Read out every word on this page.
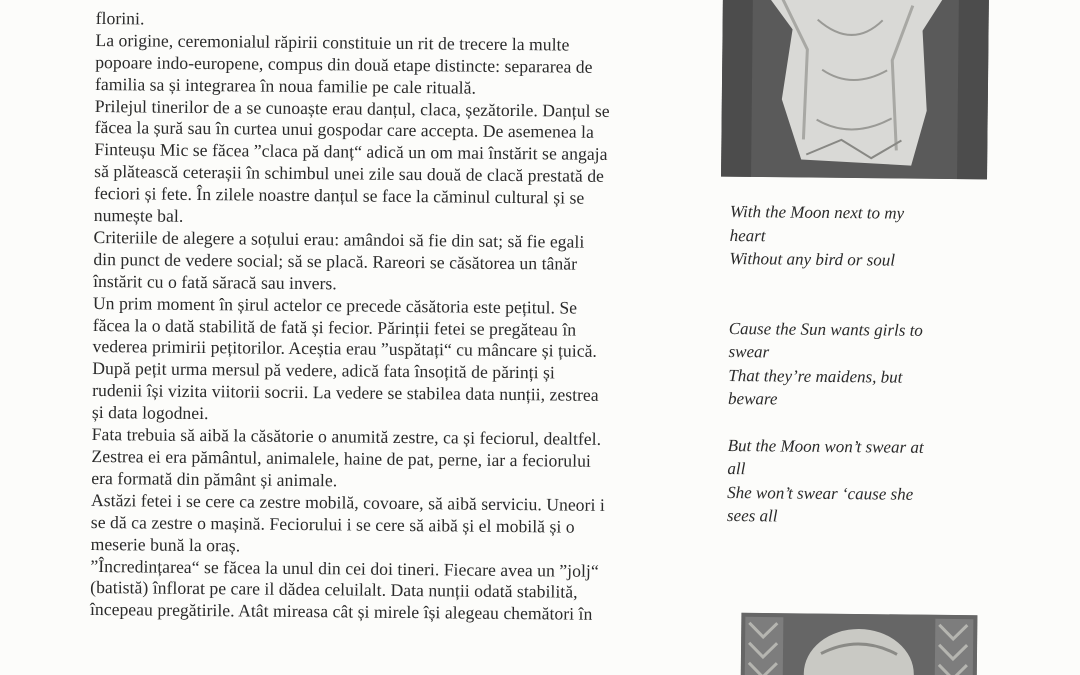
florini.
La origine, ceremonialul răpirii constituie un rit de trecere la multe
popoare indo-europene, compus din două etape distincte: separarea de
familia sa și integrarea în noua familie pe cale rituală.
Prilejul tinerilor de a se cunoaște erau danțul, claca, șezătorile. Danțul se
făcea la șură sau în curtea unui gospodar care accepta. De asemenea la
Finteușu Mic se făcea ”claca pă danț“ adică un om mai înstărit se angaja
să plătească ceterașii în schimbul unei zile sau două de clacă prestată de
feciori și fete. În zilele noastre danțul se face la căminul cultural și se
numește bal.
Criteriile de alegere a soțului erau: amândoi să fie din sat; să fie egali
din punct de vedere social; să se placă. Rareori se căsătorea un tânăr
înstărit cu o fată săracă sau invers.
Un prim moment în șirul actelor ce precede căsătoria este pețitul. Se
făcea la o dată stabilită de fată și fecior. Părinții fetei se pregăteau în
vederea primirii pețitorilor. Aceștia erau ”uspătați“ cu mâncare și țuică.
După pețit urma mersul pă vedere, adică fata însoțită de părinți și
rudenii își vizita viitorii socrii. La vedere se stabilea data nunții, zestrea
și data logodnei.
Fata trebuia să aibă la căsătorie o anumită zestre, ca și feciorul, dealtfel.
Zestrea ei era pământul, animalele, haine de pat, perne, iar a feciorului
era formată din pământ și animale.
Astăzi fetei i se cere ca zestre mobilă, covoare, să aibă serviciu. Uneori i
se dă ca zestre o mașină. Feciorului i se cere să aibă și el mobilă și o
meserie bună la oraș.
”Încredințarea“ se făcea la unul din cei doi tineri. Fiecare avea un ”jolj“
(batistă) înflorat pe care il dădea celuilalt. Data nunții odată stabilită,
începeau pregătirile. Atât mireasa cât și mirele își alegeau chemători în
With the Moon next to my
heart
Without any bird or soul
Cause the Sun wants girls to
swear
That they’re maidens, but
beware
But the Moon won’t swear at
all
She won’t swear ‘cause she
sees all
